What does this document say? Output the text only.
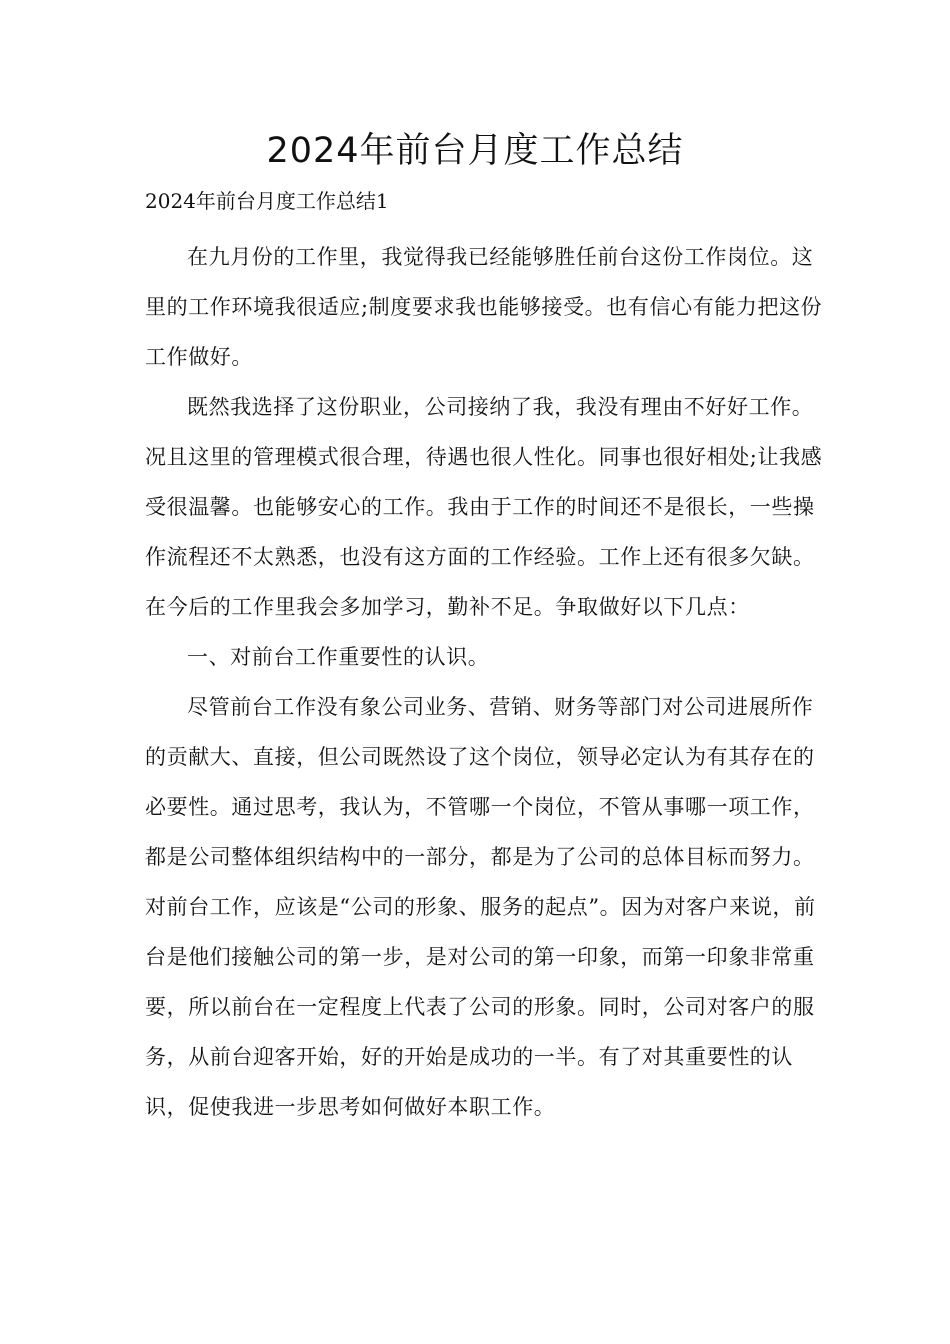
2024年前台月度工作总结

2024年前台月度工作总结1

在九月份的工作里，我觉得我已经能够胜任前台这份工作岗位。这里的工作环境我很适应;制度要求我也能够接受。也有信心有能力把这份工作做好。

既然我选择了这份职业，公司接纳了我，我没有理由不好好工作。况且这里的管理模式很合理，待遇也很人性化。同事也很好相处;让我感受很温馨。也能够安心的工作。我由于工作的时间还不是很长，一些操作流程还不太熟悉，也没有这方面的工作经验。工作上还有很多欠缺。在今后的工作里我会多加学习，勤补不足。争取做好以下几点：

一、对前台工作重要性的认识。

尽管前台工作没有象公司业务、营销、财务等部门对公司进展所作的贡献大、直接，但公司既然设了这个岗位，领导必定认为有其存在的必要性。通过思考，我认为，不管哪一个岗位，不管从事哪一项工作，都是公司整体组织结构中的一部分，都是为了公司的总体目标而努力。对前台工作，应该是“公司的形象、服务的起点”。因为对客户来说，前台是他们接触公司的第一步，是对公司的第一印象，而第一印象非常重要，所以前台在一定程度上代表了公司的形象。同时，公司对客户的服务，从前台迎客开始，好的开始是成功的一半。有了对其重要性的认识，促使我进一步思考如何做好本职工作。
